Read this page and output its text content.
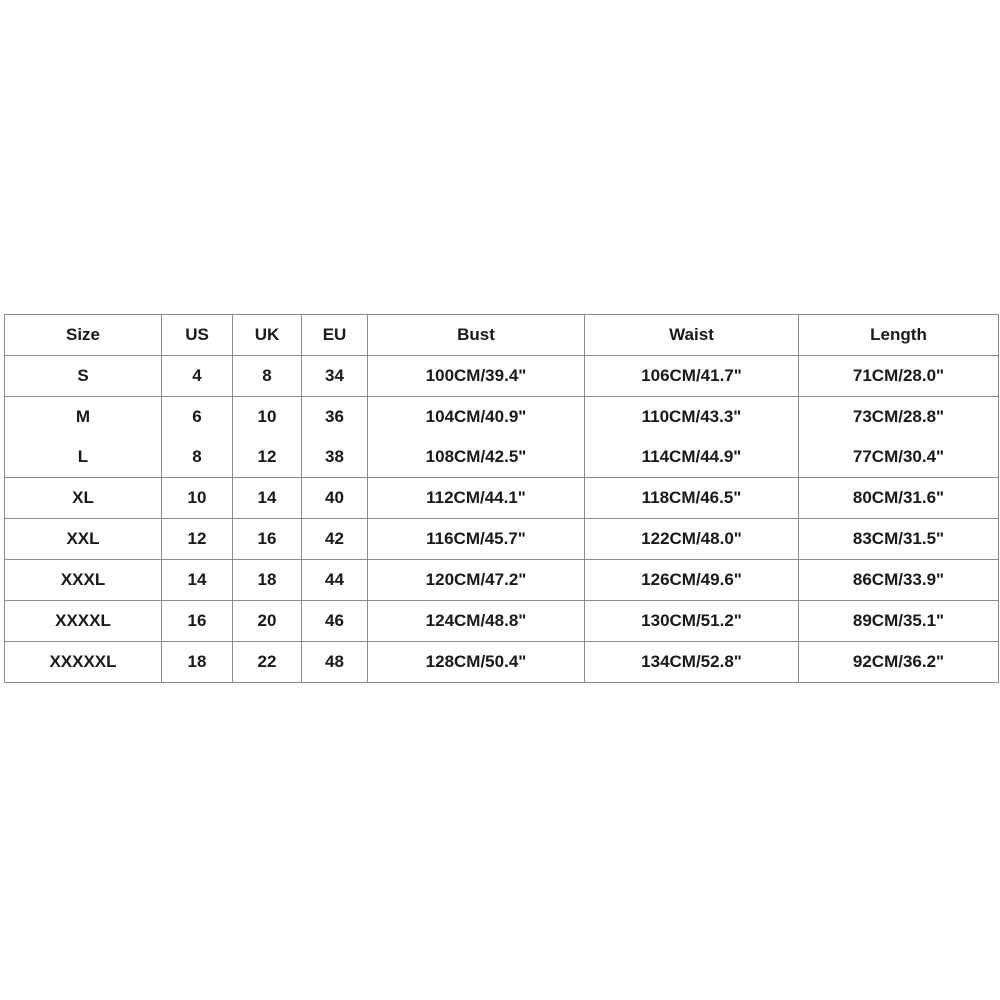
Size	US	UK	EU	Bust	Waist	Length
S	4	8	34	100CM/39.4"	106CM/41.7"	71CM/28.0"
M	6	10	36	104CM/40.9"	110CM/43.3"	73CM/28.8"
L	8	12	38	108CM/42.5"	114CM/44.9"	77CM/30.4"
XL	10	14	40	112CM/44.1"	118CM/46.5"	80CM/31.6"
XXL	12	16	42	116CM/45.7"	122CM/48.0"	83CM/31.5"
XXXL	14	18	44	120CM/47.2"	126CM/49.6"	86CM/33.9"
XXXXL	16	20	46	124CM/48.8"	130CM/51.2"	89CM/35.1"
XXXXXL	18	22	48	128CM/50.4"	134CM/52.8"	92CM/36.2"
